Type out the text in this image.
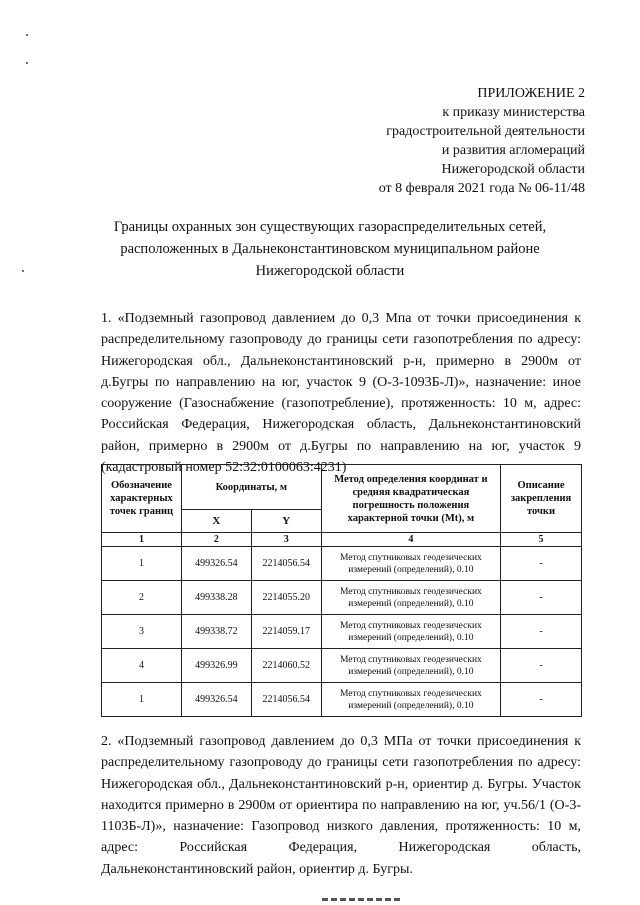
ПРИЛОЖЕНИЕ 2
к приказу министерства
градостроительной деятельности
и развития агломераций
Нижегородской области
от 8 февраля 2021 года № 06-11/48
Границы охранных зон существующих газораспределительных сетей,
расположенных в Дальнеконстантиновском муниципальном районе
Нижегородской области

1. «Подземный газопровод давлением до 0,3 Мпа от точки присоединения к распределительному газопроводу до границы сети газопотребления по адресу: Нижегородская обл., Дальнеконстантиновский р-н, примерно в 2900м от д.Бугры по направлению на юг, участок 9 (О-3-1093Б-Л)», назначение: иное сооружение (Газоснабжение (газопотребление), протяженность: 10 м, адрес: Российская Федерация, Нижегородская область, Дальнеконстантиновский район, примерно в 2900м от д.Бугры по направлению на юг, участок 9 (кадастровый номер 52:32:0100063:4231)

Обозначение характерных точек границ	Координаты, м		Метод определения координат и средняя квадратическая погрешность положения характерной точки (Mt), м	Описание закрепления точки
	X	Y		
1	2	3	4	5
1	499326.54	2214056.54	Метод спутниковых геодезических измерений (определений), 0.10	-
2	499338.28	2214055.20	Метод спутниковых геодезических измерений (определений), 0.10	-
3	499338.72	2214059.17	Метод спутниковых геодезических измерений (определений), 0.10	-
4	499326.99	2214060.52	Метод спутниковых геодезических измерений (определений), 0.10	-
1	499326.54	2214056.54	Метод спутниковых геодезических измерений (определений), 0.10	-

2. «Подземный газопровод давлением до 0,3 МПа от точки присоединения к распределительному газопроводу до границы сети газопотребления по адресу: Нижегородская обл., Дальнеконстантиновский р-н, ориентир д. Бугры. Участок находится примерно в 2900м от ориентира по направлению на юг, уч.56/1 (О-3-1103Б-Л)», назначение: Газопровод низкого давления, протяженность: 10 м, адрес: Российская Федерация, Нижегородская область, Дальнеконстантиновский район, ориентир д. Бугры.
